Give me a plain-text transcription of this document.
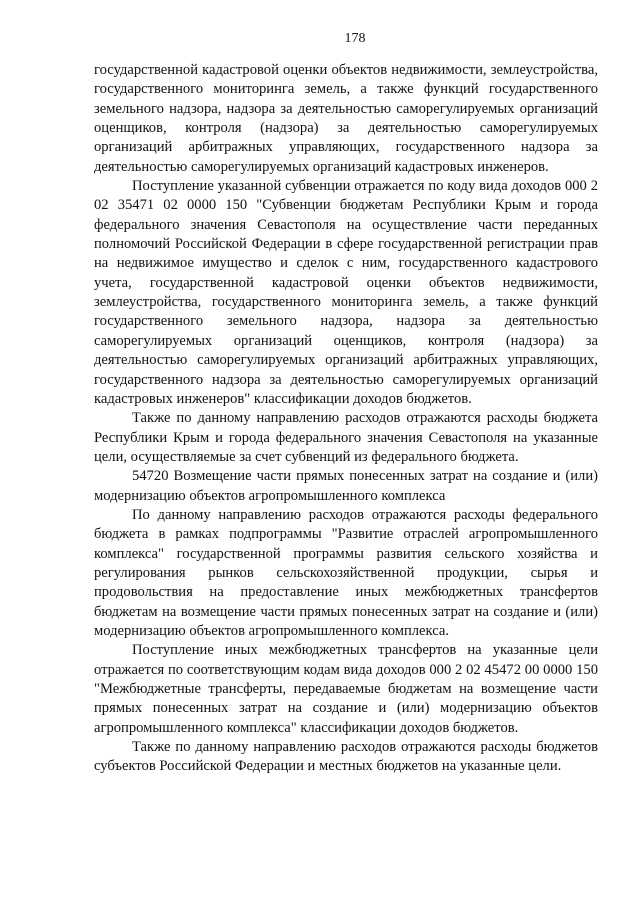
178

государственной кадастровой оценки объектов недвижимости, землеустройства, государственного мониторинга земель, а также функций государственного земельного надзора, надзора за деятельностью саморегулируемых организаций оценщиков, контроля (надзора) за деятельностью саморегулируемых организаций арбитражных управляющих, государственного надзора за деятельностью саморегулируемых организаций кадастровых инженеров.

Поступление указанной субвенции отражается по коду вида доходов 000 2 02 35471 02 0000 150 "Субвенции бюджетам Республики Крым и города федерального значения Севастополя на осуществление части переданных полномочий Российской Федерации в сфере государственной регистрации прав на недвижимое имущество и сделок с ним, государственного кадастрового учета, государственной кадастровой оценки объектов недвижимости, землеустройства, государственного мониторинга земель, а также функций государственного земельного надзора, надзора за деятельностью саморегулируемых организаций оценщиков, контроля (надзора) за деятельностью саморегулируемых организаций арбитражных управляющих, государственного надзора за деятельностью саморегулируемых организаций кадастровых инженеров" классификации доходов бюджетов.

Также по данному направлению расходов отражаются расходы бюджета Республики Крым и города федерального значения Севастополя на указанные цели, осуществляемые за счет субвенций из федерального бюджета.

54720 Возмещение части прямых понесенных затрат на создание и (или) модернизацию объектов агропромышленного комплекса

По данному направлению расходов отражаются расходы федерального бюджета в рамках подпрограммы "Развитие отраслей агропромышленного комплекса" государственной программы развития сельского хозяйства и регулирования рынков сельскохозяйственной продукции, сырья и продовольствия на предоставление иных межбюджетных трансфертов бюджетам на возмещение части прямых понесенных затрат на создание и (или) модернизацию объектов агропромышленного комплекса.

Поступление иных межбюджетных трансфертов на указанные цели отражается по соответствующим кодам вида доходов 000 2 02 45472 00 0000 150 "Межбюджетные трансферты, передаваемые бюджетам на возмещение части прямых понесенных затрат на создание и (или) модернизацию объектов агропромышленного комплекса" классификации доходов бюджетов.

Также по данному направлению расходов отражаются расходы бюджетов субъектов Российской Федерации и местных бюджетов на указанные цели.
